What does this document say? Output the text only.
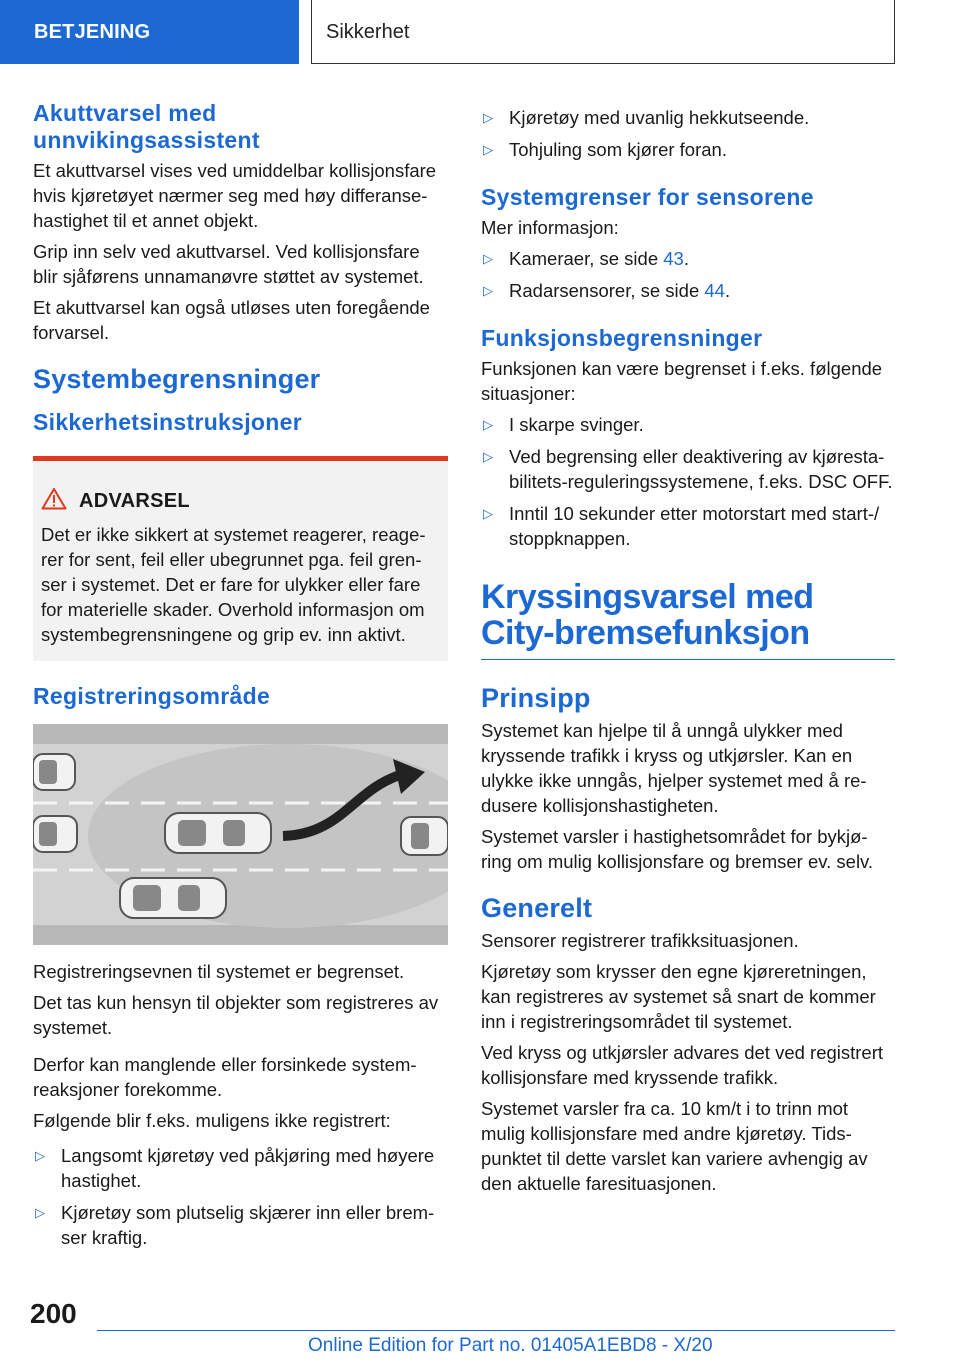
BETJENING	Sikkerhet
Akuttvarsel med unnvikingsassistent

Et akuttvarsel vises ved umiddelbar kollisjonsfare hvis kjøretøyet nærmer seg med høy differanse-hastighet til et annet objekt.

Grip inn selv ved akuttvarsel. Ved kollisjonsfare blir sjåførens unnamanøvre støttet av systemet.

Et akuttvarsel kan også utløses uten foregående forvarsel.

Systembegrensninger
Sikkerhetsinstruksjoner
ADVARSEL

Det er ikke sikkert at systemet reagerer, reage-rer for sent, feil eller ubegrunnet pga. feil gren-ser i systemet. Det er fare for ulykker eller fare for materielle skader. Overhold informasjon om systembegrensningene og grip ev. inn aktivt.

Registreringsområde

Registreringsevnen til systemet er begrenset.

Det tas kun hensyn til objekter som registreres av systemet.

Derfor kan manglende eller forsinkede system-reaksjoner forekomme.

Følgende blir f.eks. muligens ikke registrert:

▷ Langsomt kjøretøy ved påkjøring med høyere hastighet.
▷ Kjøretøy som plutselig skjærer inn eller brem-ser kraftig.
▷ Kjøretøy med uvanlig hekkutseende.
▷ Tohjuling som kjører foran.
Systemgrenser for sensorene

Mer informasjon:

▷ Kameraer, se side 43.
▷ Radarsensorer, se side 44.
Funksjonsbegrensninger

Funksjonen kan være begrenset i f.eks. følgende situasjoner:

▷ I skarpe svinger.
▷ Ved begrensing eller deaktivering av kjøresta-bilitets-reguleringssystemene, f.eks. DSC OFF.
▷ Inntil 10 sekunder etter motorstart med start-/ stoppknappen.
Kryssingsvarsel med City-bremsefunksjon
Prinsipp

Systemet kan hjelpe til å unngå ulykker med kryssende trafikk i kryss og utkjørsler. Kan en ulykke ikke unngås, hjelper systemet med å re-dusere kollisjonshastigheten.

Systemet varsler i hastighetsområdet for bykjø-ring om mulig kollisjonsfare og bremser ev. selv.

Generelt

Sensorer registrerer trafikksituasjonen.

Kjøretøy som krysser den egne kjøreretningen, kan registreres av systemet så snart de kommer inn i registreringsområdet til systemet.

Ved kryss og utkjørsler advares det ved registrert kollisjonsfare med kryssende trafikk.

Systemet varsler fra ca. 10 km/t i to trinn mot mulig kollisjonsfare med andre kjøretøy. Tids-punktet til dette varslet kan variere avhengig av den aktuelle faresituasjonen.

200
Online Edition for Part no. 01405A1EBD8 - X/20
